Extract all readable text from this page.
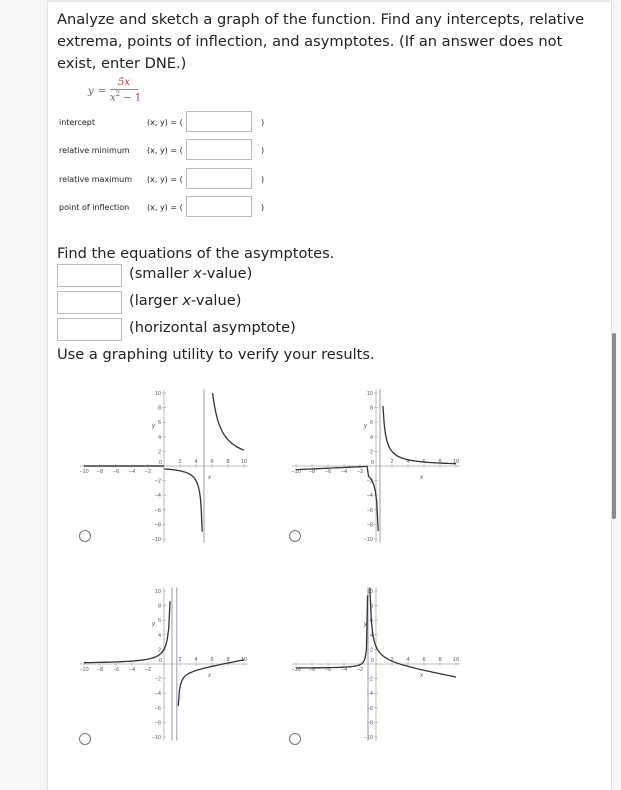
Analyze and sketch a graph of the function. Find any intercepts, relative extrema, points of inflection, and asymptotes. (If an answer does not exist, enter DNE.)
y =
5x
$x^2 - 1$
intercept	(x, y) = (	)
relative minimum (x, y) = (	)
relative maximum (x, y) = (	)
point of inflection (x, y) = (	)
Find the equations of the asymptotes.
(smaller x-value)
(larger x-value)
(horizontal asymptote)
Use a graphing utility to verify your results.
−10 −8 −6 −4 −2
2 4 6 8 10
10
8
6
4
2
−2
−4
−6
−8
−10
0
y
x
−10 −8 −6 −4 −2
2 4 6 8 10
10
8
6
4
2
−2
−4
−6
−8
−10
0
y
x
−10 −8 −6 −4 −2
2 4 6 8 10
10
8
6
4
2
−2
−4
−6
−8
−10
0
y
x
−10 −8 −6 −4 −2
2 4 6 8 10
10
8
6
4
2
−2
−4
−6
−8
−10
0
y
x
